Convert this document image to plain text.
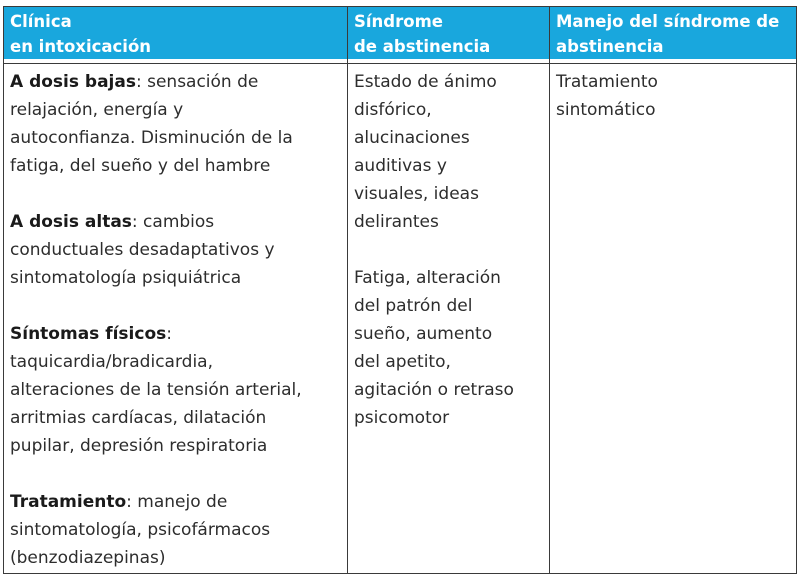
Clínica
en intoxicación
A dosis bajas: sensación de
relajación, energía y
autoconfianza. Disminución de la
fatiga, del sueño y del hambre
A dosis altas: cambios
conductuales desadaptativos y
sintomatología psiquiátrica
Síntomas físicos:
taquicardia/bradicardia,
alteraciones de la tensión arterial,
arritmias cardíacas, dilatación
pupilar, depresión respiratoria
Tratamiento: manejo de
sintomatología, psicofármacos
(benzodiazepinas)
Síndrome
de abstinencia
Estado de ánimo
disfórico,
alucinaciones
auditivas y
visuales, ideas
delirantes
Fatiga, alteración
del patrón del
sueño, aumento
del apetito,
agitación o retraso
psicomotor
Manejo del síndrome de
abstinencia
Tratamiento
sintomático
